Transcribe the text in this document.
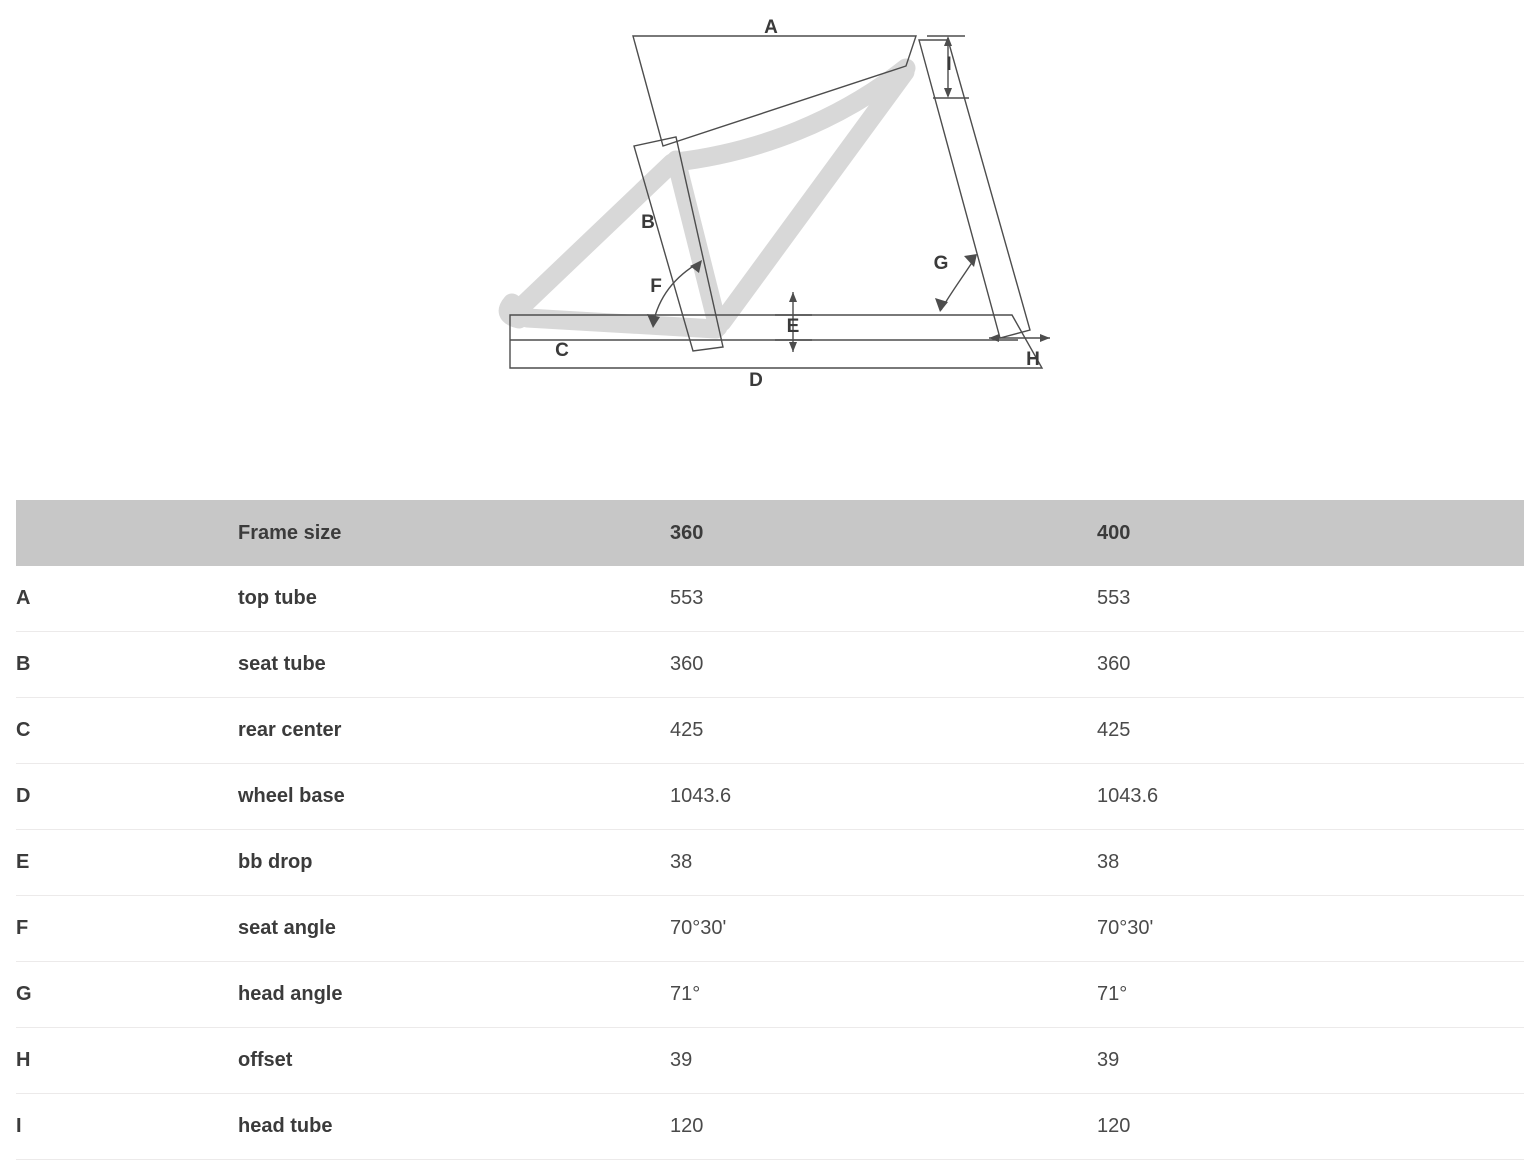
A
I
B
G
F
E
C	H
D
	Frame size	360	400
A	top tube	553	553
B	seat tube	360	360
C	rear center	425	425
D	wheel base	1043.6	1043.6
E	bb drop	38	38
F	seat angle	70°30'	70°30'
G	head angle	71°	71°
H	offset	39	39
I	head tube	120	120
